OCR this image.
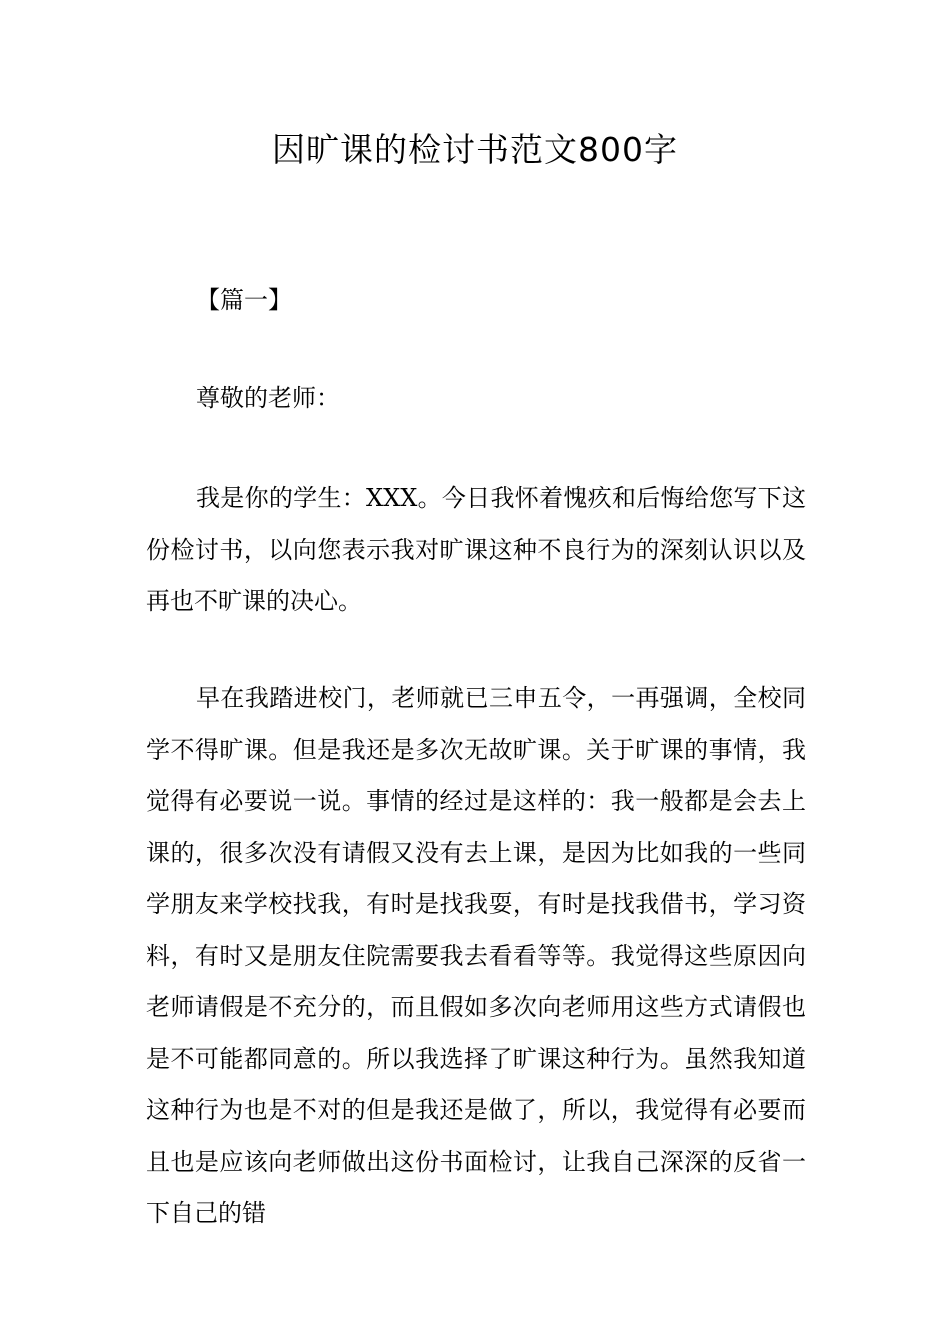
因旷课的检讨书范文800字
【篇一】
尊敬的老师：

我是你的学生：XXX。今日我怀着愧疚和后悔给您写下这份检讨书，以向您表示我对旷课这种不良行为的深刻认识以及再也不旷课的决心。

早在我踏进校门，老师就已三申五令，一再强调，全校同学不得旷课。但是我还是多次无故旷课。关于旷课的事情，我觉得有必要说一说。事情的经过是这样的：我一般都是会去上课的，很多次没有请假又没有去上课，是因为比如我的一些同学朋友来学校找我，有时是找我耍，有时是找我借书，学习资料，有时又是朋友住院需要我去看看等等。我觉得这些原因向老师请假是不充分的，而且假如多次向老师用这些方式请假也是不可能都同意的。所以我选择了旷课这种行为。虽然我知道这种行为也是不对的但是我还是做了，所以，我觉得有必要而且也是应该向老师做出这份书面检讨，让我自己深深的反省一下自己的错
